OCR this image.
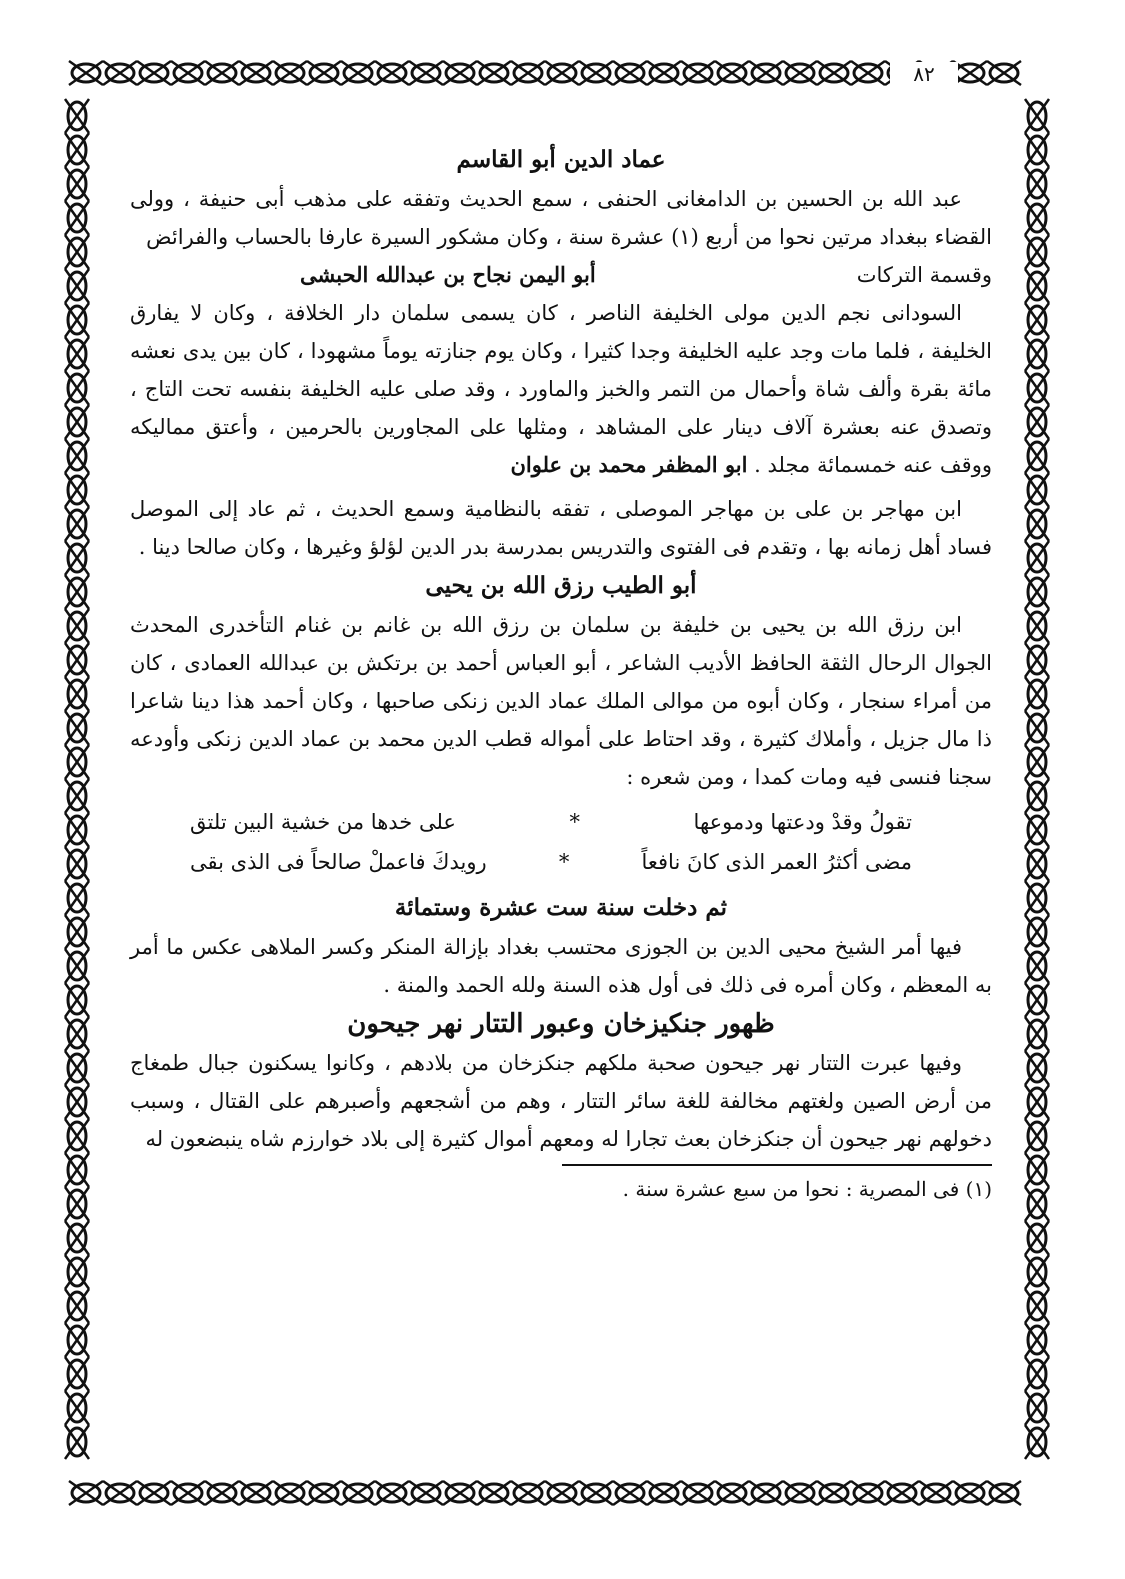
٨٢

عماد الدين أبو القاسم

عبد الله بن الحسين بن الدامغانى الحنفى ، سمع الحديث وتفقه على مذهب أبى حنيفة ، وولى القضاء ببغداد مرتين نحوا من أربع (١) عشرة سنة ، وكان مشكور السيرة عارفا بالحساب والفرائض

وقسمة التركات
أبو اليمن نجاح بن عبدالله الحبشى

السودانى نجم الدين مولى الخليفة الناصر ، كان يسمى سلمان دار الخلافة ، وكان لا يفارق الخليفة ، فلما مات وجد عليه الخليفة وجدا كثيرا ، وكان يوم جنازته يوماً مشهودا ، كان بين يدى نعشه مائة بقرة وألف شاة وأحمال من التمر والخبز والماورد ، وقد صلى عليه الخليفة بنفسه تحت التاج ، وتصدق عنه بعشرة آلاف دينار على المشاهد ، ومثلها على المجاورين بالحرمين ، وأعتق مماليكه ووقف عنه خمسمائة مجلد . ابو المظفر محمد بن علوان

ابن مهاجر بن على بن مهاجر الموصلى ، تفقه بالنظامية وسمع الحديث ، ثم عاد إلى الموصل فساد أهل زمانه بها ، وتقدم فى الفتوى والتدريس بمدرسة بدر الدين لؤلؤ وغيرها ، وكان صالحا دينا .

أبو الطيب رزق الله بن يحيى

ابن رزق الله بن يحيى بن خليفة بن سلمان بن رزق الله بن غانم بن غنام التأخدرى المحدث الجوال الرحال الثقة الحافظ الأديب الشاعر ، أبو العباس أحمد بن برتكش بن عبدالله العمادى ، كان من أمراء سنجار ، وكان أبوه من موالى الملك عماد الدين زنكى صاحبها ، وكان أحمد هذا دينا شاعرا ذا مال جزيل ، وأملاك كثيرة ، وقد احتاط على أمواله قطب الدين محمد بن عماد الدين زنكى وأودعه سجنا فنسى فيه ومات كمدا ، ومن شعره :

تقولُ وقدْ ودعتها ودموعها
*
على خدها من خشية البين تلتق
مضى أكثرُ العمر الذى كانَ نافعاً
*
رويدكَ فاعملْ صالحاً فى الذى بقى

ثم دخلت سنة ست عشرة وستمائة

فيها أمر الشيخ محيى الدين بن الجوزى محتسب بغداد بإزالة المنكر وكسر الملاهى عكس ما أمر به المعظم ، وكان أمره فى ذلك فى أول هذه السنة ولله الحمد والمنة .

ظهور جنكيزخان وعبور التتار نهر جيحون

وفيها عبرت التتار نهر جيحون صحبة ملكهم جنكزخان من بلادهم ، وكانوا يسكنون جبال طمغاج من أرض الصين ولغتهم مخالفة للغة سائر التتار ، وهم من أشجعهم وأصبرهم على القتال ، وسبب دخولهم نهر جيحون أن جنكزخان بعث تجارا له ومعهم أموال كثيرة إلى بلاد خوارزم شاه ينبضعون له

(١) فى المصرية : نحوا من سبع عشرة سنة .
